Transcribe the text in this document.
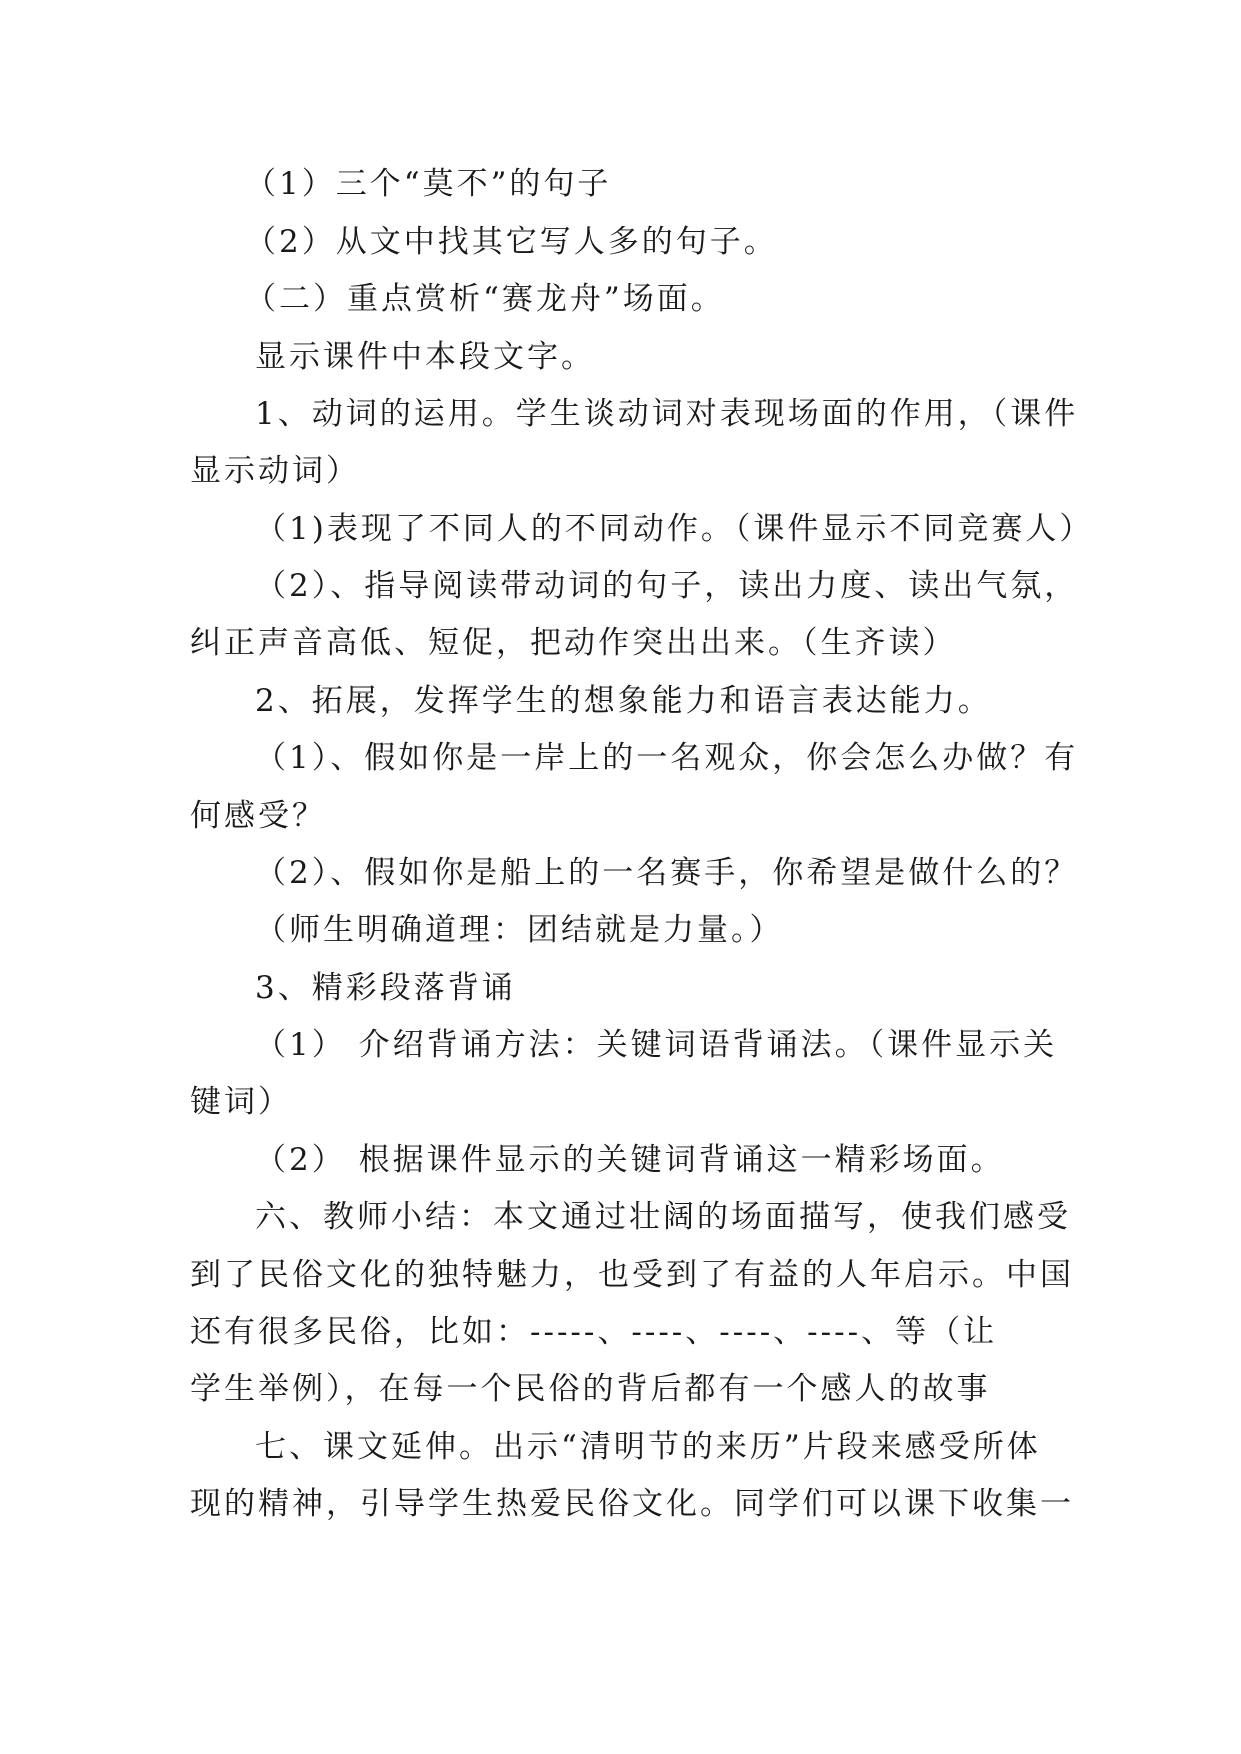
（1）三个“莫不”的句子
（2）从文中找其它写人多的句子。
（二）重点赏析“赛龙舟”场面。
显示课件中本段文字。
1、动词的运用。学生谈动词对表现场面的作用，（课件
显示动词）
（1)表现了不同人的不同动作。（课件显示不同竞赛人）
（2）、指导阅读带动词的句子，读出力度、读出气氛，
纠正声音高低、短促，把动作突出出来。（生齐读）
2、拓展，发挥学生的想象能力和语言表达能力。
（1）、假如你是一岸上的一名观众，你会怎么办做？有
何感受？
（2）、假如你是船上的一名赛手，你希望是做什么的？
（师生明确道理：团结就是力量。）
3、精彩段落背诵
（1） 介绍背诵方法：关键词语背诵法。（课件显示关
键词）
（2） 根据课件显示的关键词背诵这一精彩场面。
六、教师小结：本文通过壮阔的场面描写，使我们感受
到了民俗文化的独特魅力，也受到了有益的人年启示。中国
还有很多民俗，比如：-----、----、----、----、等（让
学生举例），在每一个民俗的背后都有一个感人的故事
七、课文延伸。出示“清明节的来历”片段来感受所体
现的精神，引导学生热爱民俗文化。同学们可以课下收集一
